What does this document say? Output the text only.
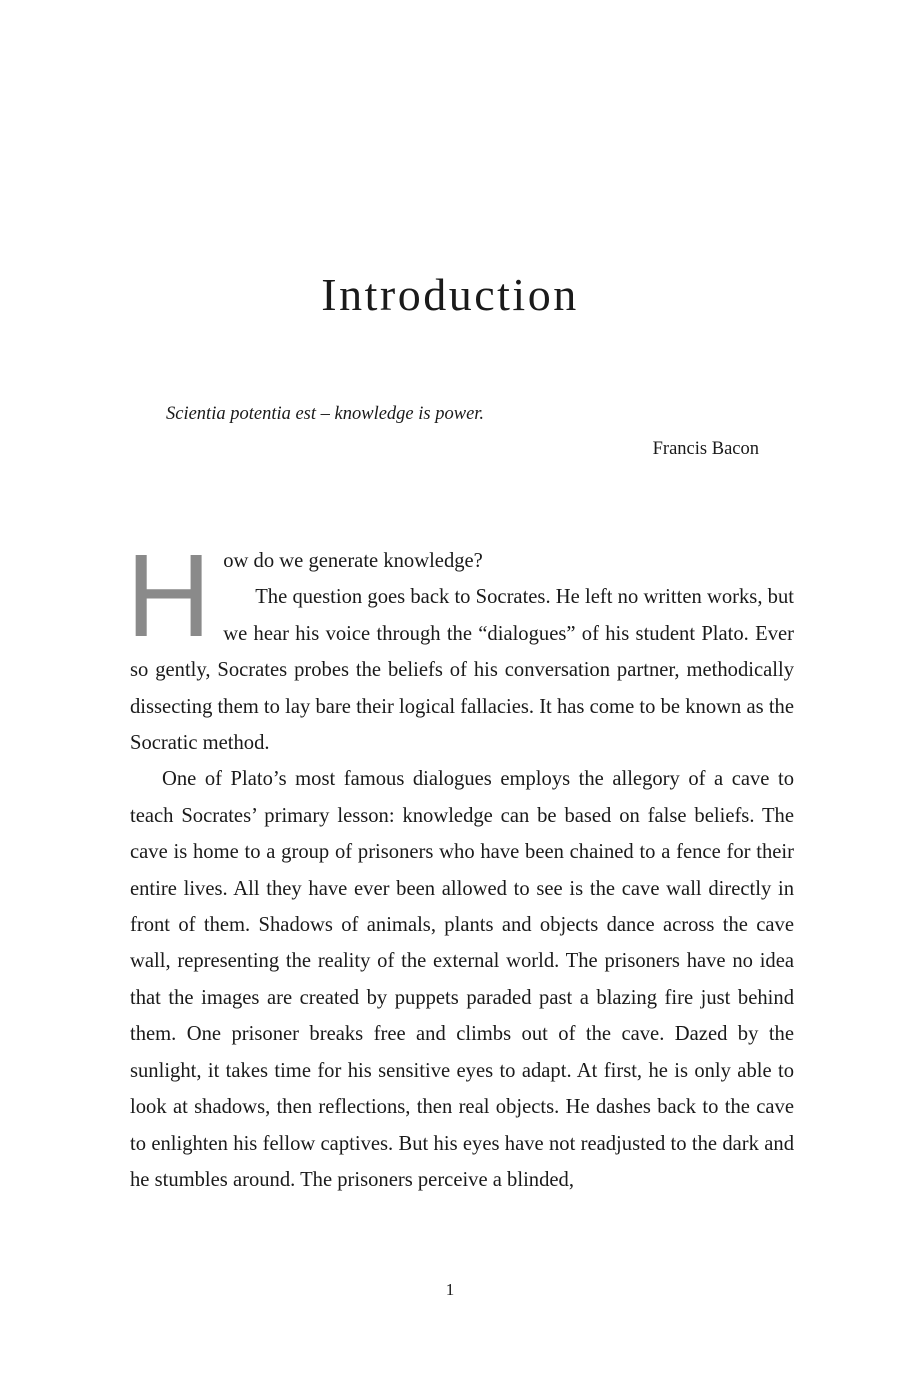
Introduction

Scientia potentia est – knowledge is power.

Francis Bacon

How do we generate knowledge?

The question goes back to Socrates. He left no written works, but we hear his voice through the “dialogues” of his student Plato. Ever so gently, Socrates probes the beliefs of his conversation partner, methodically dissecting them to lay bare their logical fallacies. It has come to be known as the Socratic method.

One of Plato’s most famous dialogues employs the allegory of a cave to teach Socrates’ primary lesson: knowledge can be based on false beliefs. The cave is home to a group of prisoners who have been chained to a fence for their entire lives. All they have ever been allowed to see is the cave wall directly in front of them. Shadows of animals, plants and objects dance across the cave wall, representing the reality of the external world. The prisoners have no idea that the images are created by puppets paraded past a blazing fire just behind them. One prisoner breaks free and climbs out of the cave. Dazed by the sunlight, it takes time for his sensitive eyes to adapt. At first, he is only able to look at shadows, then reflections, then real objects. He dashes back to the cave to enlighten his fellow captives. But his eyes have not readjusted to the dark and he stumbles around. The prisoners perceive a blinded,

1
